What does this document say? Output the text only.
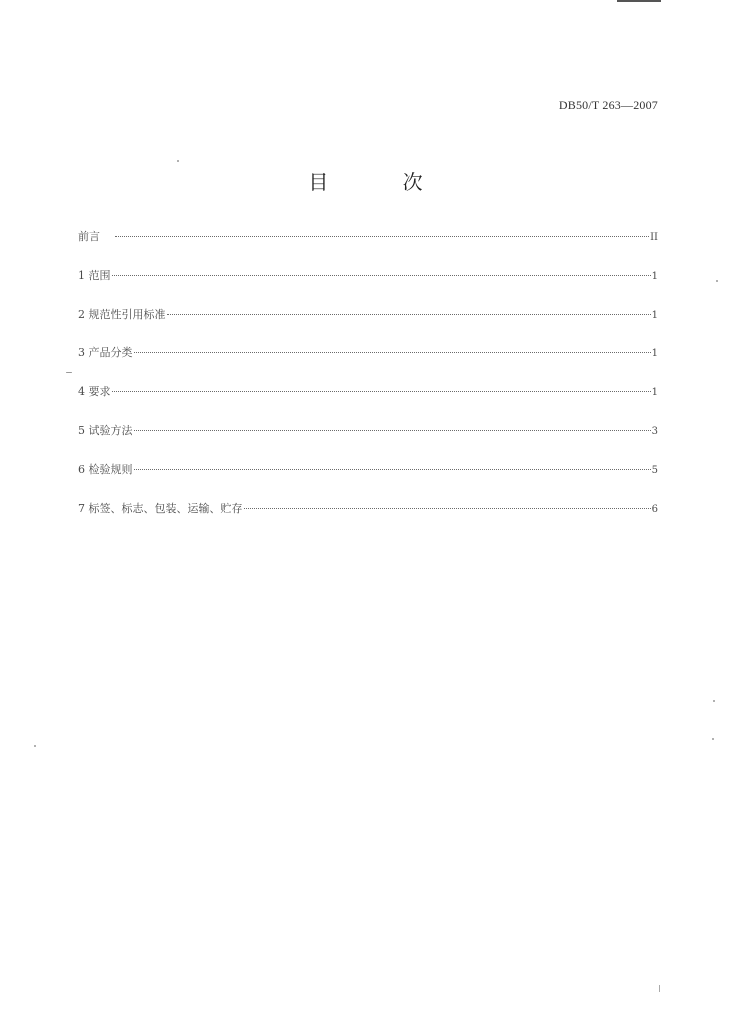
DB50/T 263—2007
目 次
前言	II
1 范围	1
2 规范性引用标准	1
3 产品分类	1
4 要求	1
5 试验方法	3
6 检验规则	5
7 标签、标志、包装、运输、贮存	6
